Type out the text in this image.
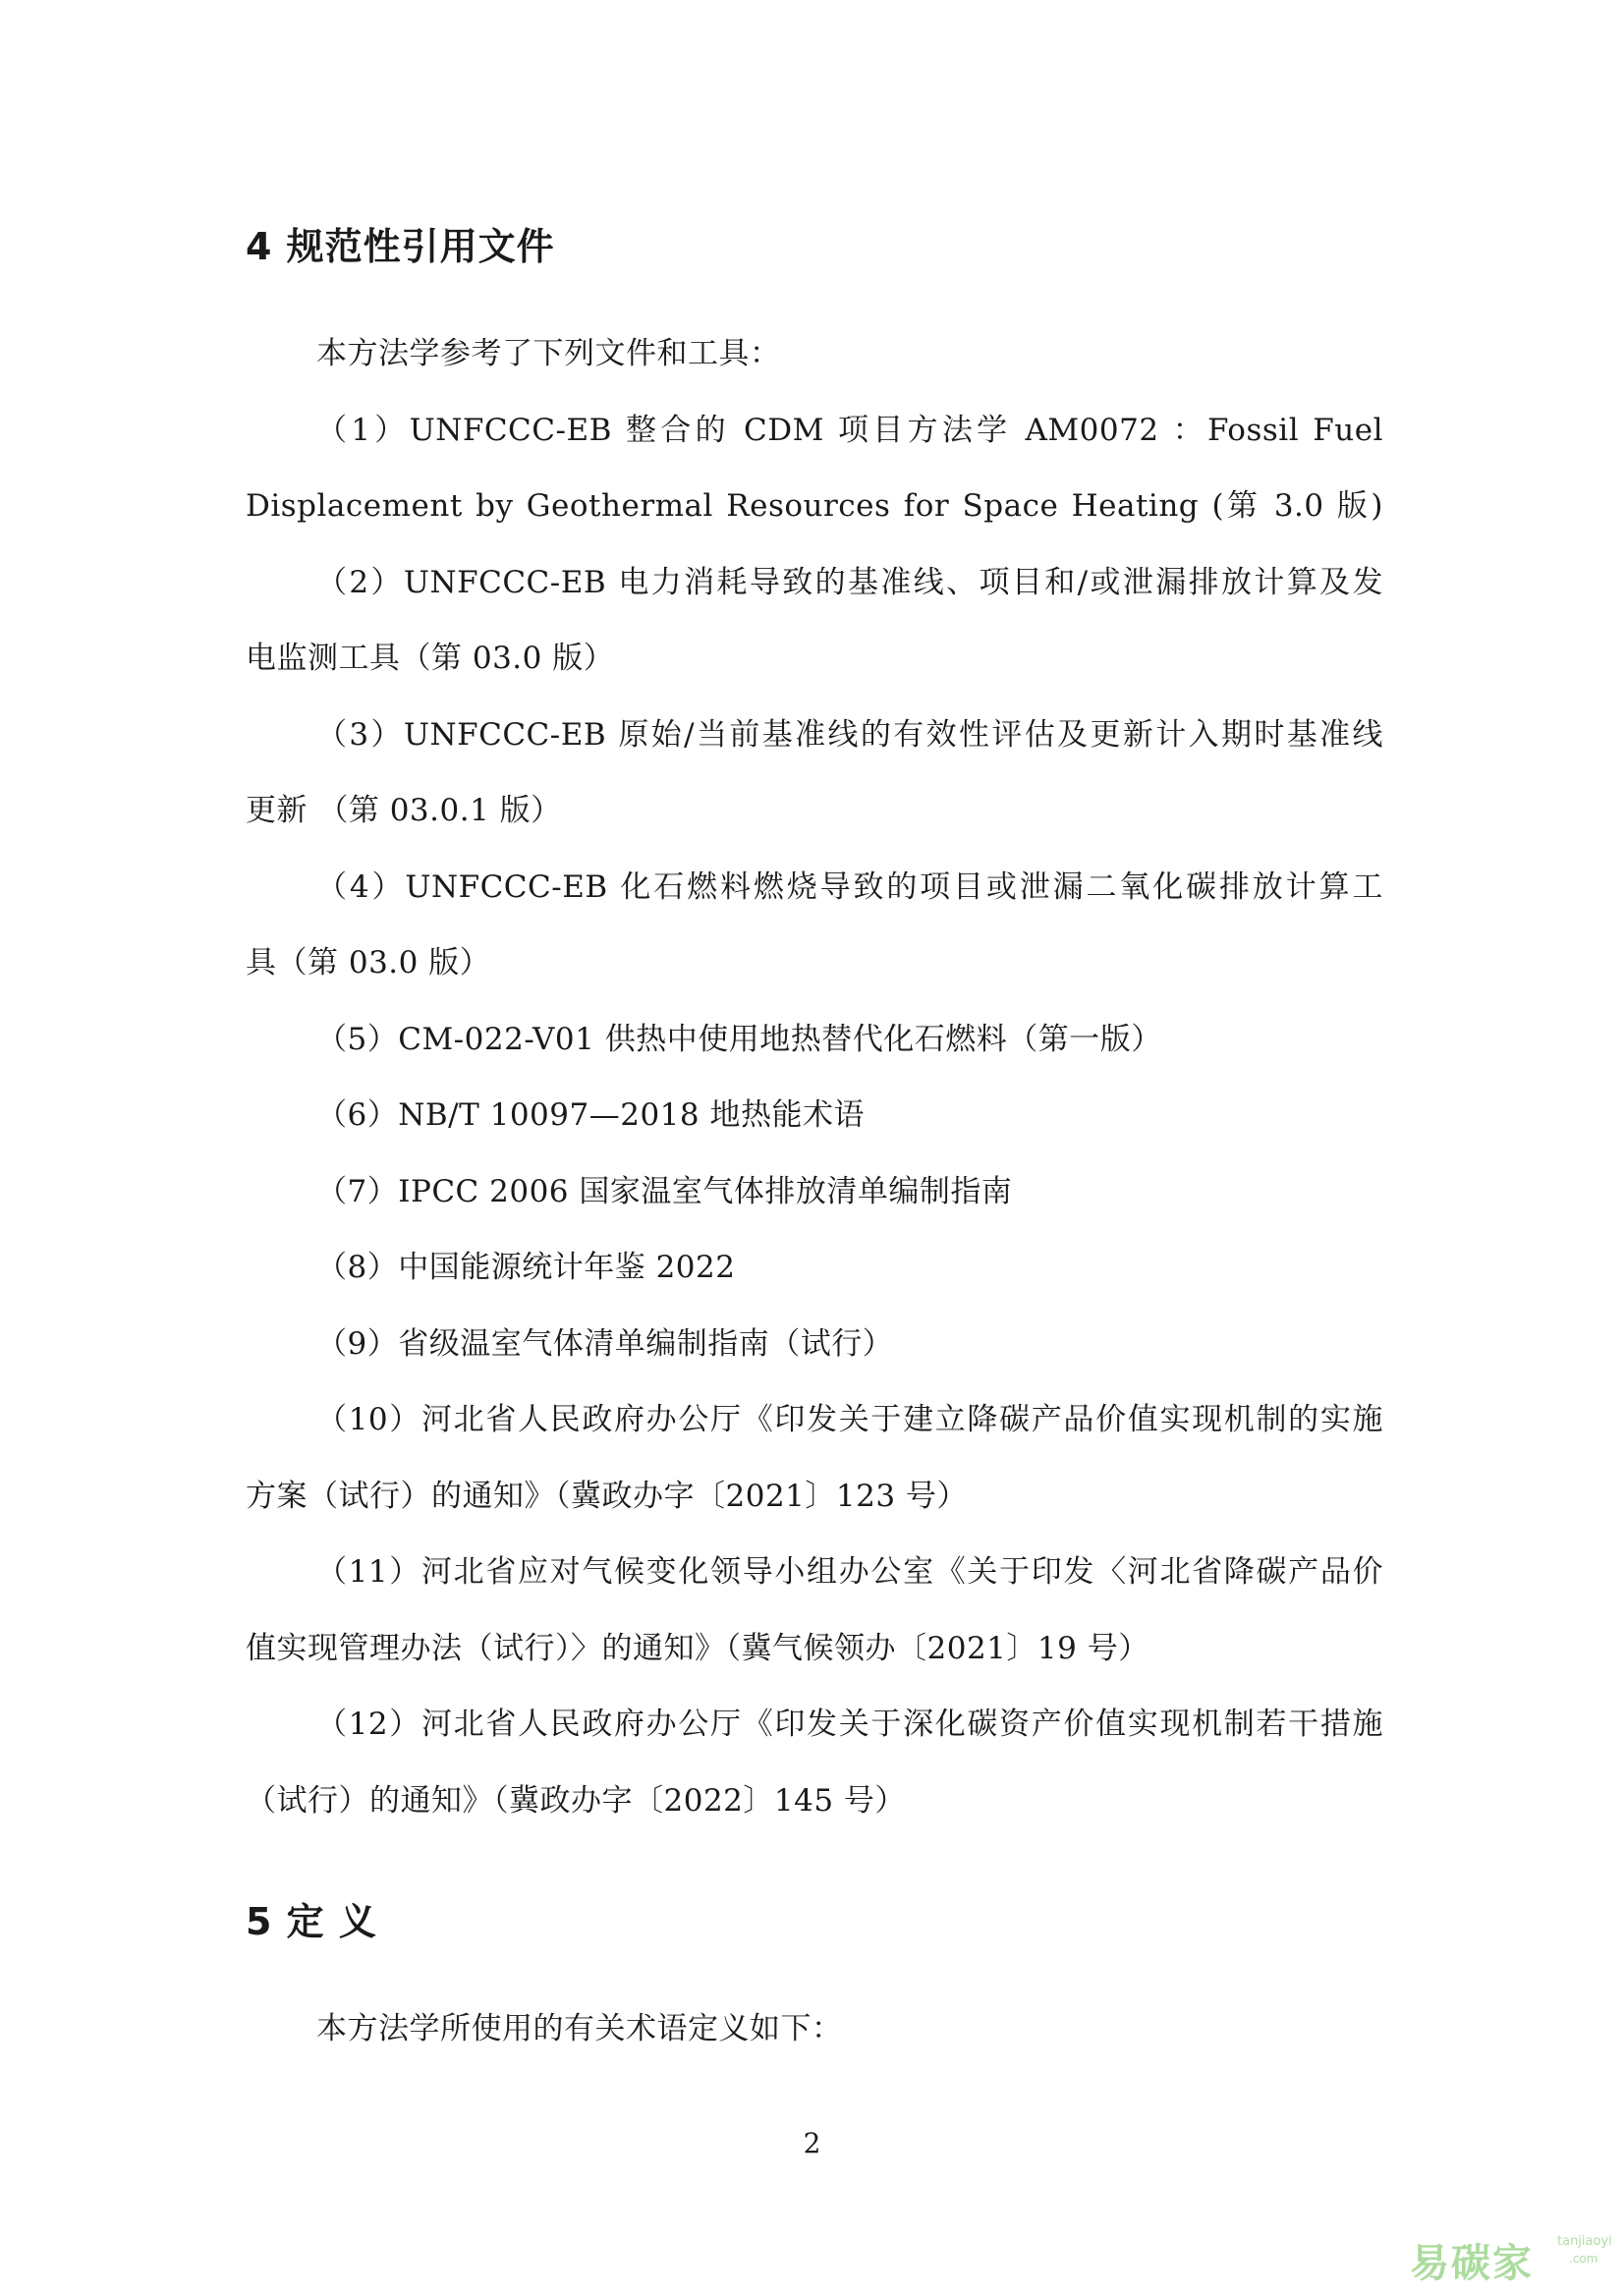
4 规范性引用文件
本方法学参考了下列文件和工具：
（1）UNFCCC-EB 整合的 CDM 项目方法学 AM0072 ：Fossil Fuel
Displacement by Geothermal Resources for Space Heating (第 3.0 版)
（2）UNFCCC-EB 电力消耗导致的基准线、项目和/或泄漏排放计算及发
电监测工具（第 03.0 版）
（3）UNFCCC-EB 原始/当前基准线的有效性评估及更新计入期时基准线
更新 （第 03.0.1 版）
（4）UNFCCC-EB 化石燃料燃烧导致的项目或泄漏二氧化碳排放计算工
具（第 03.0 版）
（5）CM-022-V01 供热中使用地热替代化石燃料（第一版）
（6）NB/T 10097—2018 地热能术语
（7）IPCC 2006 国家温室气体排放清单编制指南
（8）中国能源统计年鉴 2022
（9）省级温室气体清单编制指南（试行）
（10）河北省人民政府办公厅《印发关于建立降碳产品价值实现机制的实施
方案（试行）的通知》（冀政办字〔2021〕123 号）
（11）河北省应对气候变化领导小组办公室《关于印发〈河北省降碳产品价
值实现管理办法（试行）〉的通知》（冀气候领办〔2021〕19 号）
（12）河北省人民政府办公厅《印发关于深化碳资产价值实现机制若干措施
（试行）的通知》（冀政办字〔2022〕145 号）
5 定 义
本方法学所使用的有关术语定义如下：
2
易碳家 tanjiaoyi
.com
